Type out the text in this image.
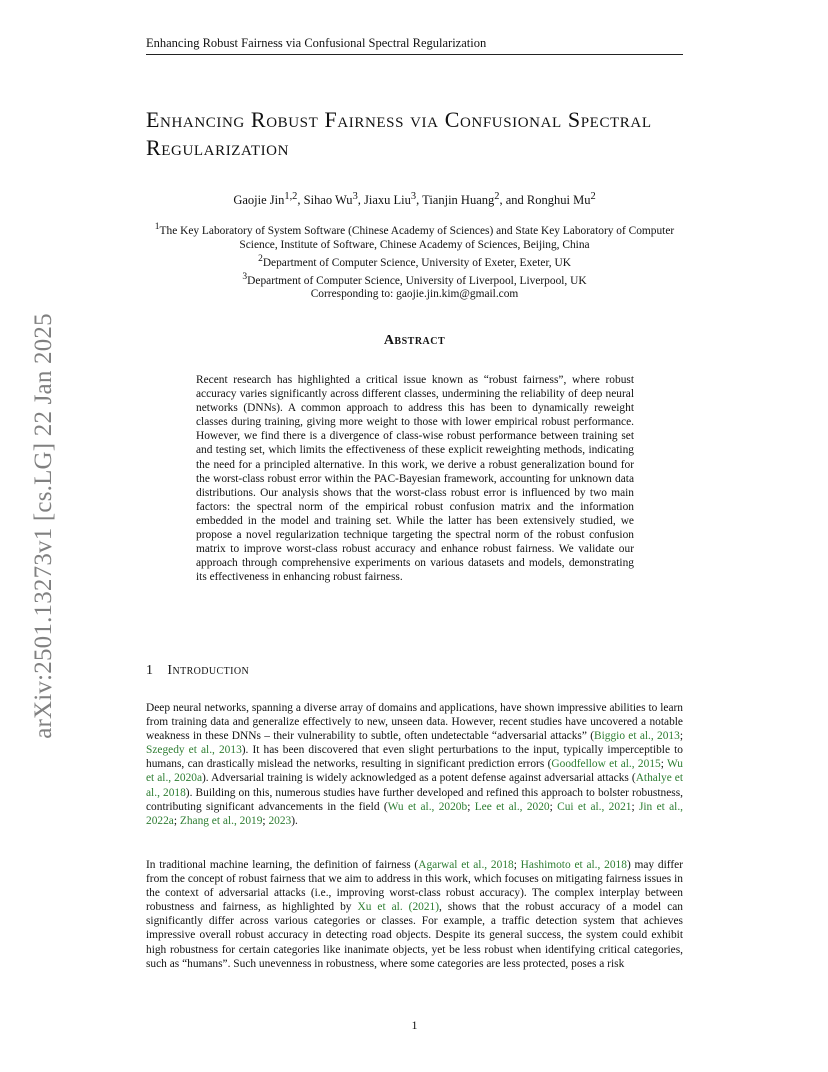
Enhancing Robust Fairness via Confusional Spectral Regularization
arXiv:2501.13273v1 [cs.LG] 22 Jan 2025
Enhancing Robust Fairness via Confusional Spectral Regularization
Gaojie Jin$^{1,2}$, Sihao Wu$^3$, Jiaxu Liu$^3$, Tianjin Huang$^2$, and Ronghui Mu$^2$
$^1$The Key Laboratory of System Software (Chinese Academy of Sciences) and State Key Laboratory of Computer Science, Institute of Software, Chinese Academy of Sciences, Beijing, China
$^2$Department of Computer Science, University of Exeter, Exeter, UK
$^3$Department of Computer Science, University of Liverpool, Liverpool, UK
Corresponding to: gaojie.jin.kim@gmail.com
Abstract

Recent research has highlighted a critical issue known as “robust fairness”, where robust accuracy varies significantly across different classes, undermining the reliability of deep neural networks (DNNs). A common approach to address this has been to dynamically reweight classes during training, giving more weight to those with lower empirical robust performance. However, we find there is a divergence of class-wise robust performance between training set and testing set, which limits the effectiveness of these explicit reweighting methods, indicating the need for a principled alternative. In this work, we derive a robust generalization bound for the worst-class robust error within the PAC-Bayesian framework, accounting for unknown data distributions. Our analysis shows that the worst-class robust error is influenced by two main factors: the spectral norm of the empirical robust confusion matrix and the information embedded in the model and training set. While the latter has been extensively studied, we propose a novel regularization technique targeting the spectral norm of the robust confusion matrix to improve worst-class robust accuracy and enhance robust fairness. We validate our approach through comprehensive experiments on various datasets and models, demonstrating its effectiveness in enhancing robust fairness.

1 Introduction

Deep neural networks, spanning a diverse array of domains and applications, have shown impressive abilities to learn from training data and generalize effectively to new, unseen data. However, recent studies have uncovered a notable weakness in these DNNs – their vulnerability to subtle, often undetectable “adversarial attacks” (Biggio et al., 2013; Szegedy et al., 2013). It has been discovered that even slight perturbations to the input, typically imperceptible to humans, can drastically mislead the networks, resulting in significant prediction errors (Goodfellow et al., 2015; Wu et al., 2020a). Adversarial training is widely acknowledged as a potent defense against adversarial attacks (Athalye et al., 2018). Building on this, numerous studies have further developed and refined this approach to bolster robustness, contributing significant advancements in the field (Wu et al., 2020b; Lee et al., 2020; Cui et al., 2021; Jin et al., 2022a; Zhang et al., 2019; 2023).

In traditional machine learning, the definition of fairness (Agarwal et al., 2018; Hashimoto et al., 2018) may differ from the concept of robust fairness that we aim to address in this work, which focuses on mitigating fairness issues in the context of adversarial attacks (i.e., improving worst-class robust accuracy). The complex interplay between robustness and fairness, as highlighted by Xu et al. (2021), shows that the robust accuracy of a model can significantly differ across various categories or classes. For example, a traffic detection system that achieves impressive overall robust accuracy in detecting road objects. Despite its general success, the system could exhibit high robustness for certain categories like inanimate objects, yet be less robust when identifying critical categories, such as “humans”. Such unevenness in robustness, where some categories are less protected, poses a risk

1
